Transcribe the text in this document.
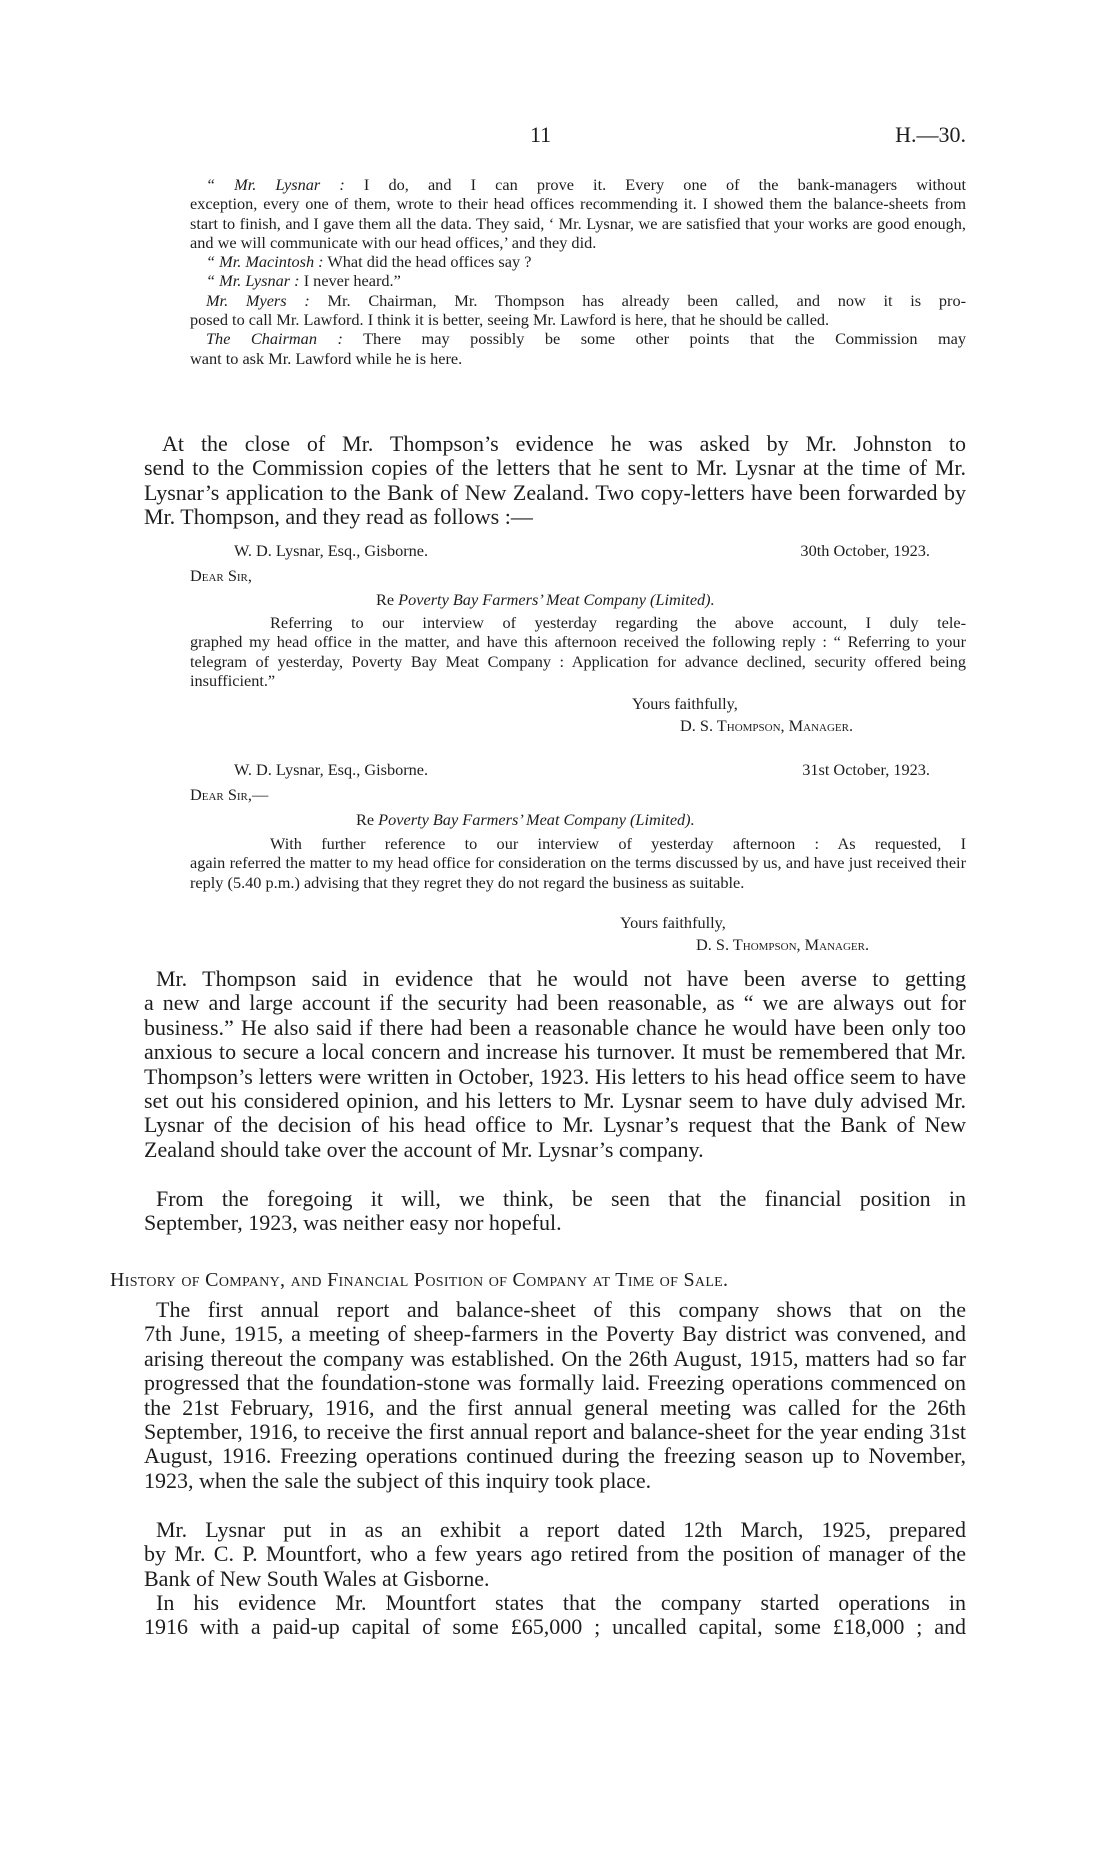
11	H.—30.

“ Mr. Lysnar : I do, and I can prove it. Every one of the bank-managers without

exception, every one of them, wrote to their head offices recommending it. I showed them the balance-sheets from start to finish, and I gave them all the data. They said, ‘ Mr. Lysnar, we are satisfied that your works are good enough, and we will communicate with our head offices,’ and they did.

“ Mr. Macintosh : What did the head offices say ?

“ Mr. Lysnar : I never heard.”

Mr. Myers : Mr. Chairman, Mr. Thompson has already been called, and now it is pro-

posed to call Mr. Lawford. I think it is better, seeing Mr. Lawford is here, that he should be called.

The Chairman : There may possibly be some other points that the Commission may

want to ask Mr. Lawford while he is here.

At the close of Mr. Thompson’s evidence he was asked by Mr. Johnston to

send to the Commission copies of the letters that he sent to Mr. Lysnar at the time of Mr. Lysnar’s application to the Bank of New Zealand. Two copy-letters have been forwarded by Mr. Thompson, and they read as follows :—

W. D. Lysnar, Esq., Gisborne.	30th October, 1923.
Dear Sir,
Re Poverty Bay Farmers’ Meat Company (Limited).

Referring to our interview of yesterday regarding the above account, I duly tele-

graphed my head office in the matter, and have this afternoon received the following reply : “ Referring to your telegram of yesterday, Poverty Bay Meat Company : Application for advance declined, security offered being insufficient.”

Yours faithfully,
D. S. Thompson, Manager.
W. D. Lysnar, Esq., Gisborne.	31st October, 1923.
Dear Sir,—
Re Poverty Bay Farmers’ Meat Company (Limited).

With further reference to our interview of yesterday afternoon : As requested, I

again referred the matter to my head office for consideration on the terms discussed by us, and have just received their reply (5.40 p.m.) advising that they regret they do not regard the business as suitable.

Yours faithfully,
D. S. Thompson, Manager.

Mr. Thompson said in evidence that he would not have been averse to getting

a new and large account if the security had been reasonable, as “ we are always out for business.” He also said if there had been a reasonable chance he would have been only too anxious to secure a local concern and increase his turnover. It must be remembered that Mr. Thompson’s letters were written in October, 1923. His letters to his head office seem to have set out his considered opinion, and his letters to Mr. Lysnar seem to have duly advised Mr. Lysnar of the decision of his head office to Mr. Lysnar’s request that the Bank of New Zealand should take over the account of Mr. Lysnar’s company.

From the foregoing it will, we think, be seen that the financial position in

September, 1923, was neither easy nor hopeful.

History of Company, and Financial Position of Company at Time of Sale.

The first annual report and balance-sheet of this company shows that on the

7th June, 1915, a meeting of sheep-farmers in the Poverty Bay district was convened, and arising thereout the company was established. On the 26th August, 1915, matters had so far progressed that the foundation-stone was formally laid. Freezing operations commenced on the 21st February, 1916, and the first annual general meeting was called for the 26th September, 1916, to receive the first annual report and balance-sheet for the year ending 31st August, 1916. Freezing operations continued during the freezing season up to November, 1923, when the sale the subject of this inquiry took place.

Mr. Lysnar put in as an exhibit a report dated 12th March, 1925, prepared

by Mr. C. P. Mountfort, who a few years ago retired from the position of manager of the Bank of New South Wales at Gisborne.

In his evidence Mr. Mountfort states that the company started operations in

1916 with a paid-up capital of some £65,000 ; uncalled capital, some £18,000 ; and
